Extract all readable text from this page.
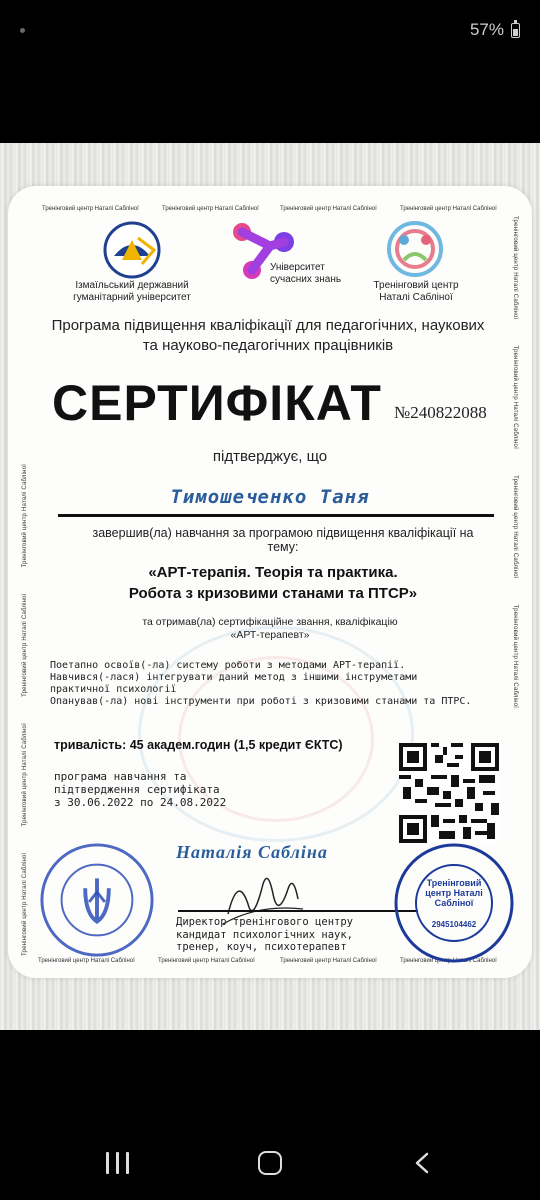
57%
Тренінговий центр Наталі Сабліної	Тренінговий центр Наталі Сабліної	Тренінговий центр Наталі Сабліної	Тренінговий центр Наталі Сабліної
Тренінговий центр Наталі Сабліної	Тренінговий центр Наталі Сабліної	Тренінговий центр Наталі Сабліної	Тренінговий центр Наталі Сабліної
Тренінговий центр Наталі Сабліної              Тренінговий центр Наталі Сабліної              Тренінговий центр Наталі Сабліної              Тренінговий центр Наталі Сабліної
Тренінговий центр Наталі Сабліної              Тренінговий центр Наталі Сабліної              Тренінговий центр Наталі Сабліної              Тренінговий центр Наталі Сабліної
Ізмаїльський державний гуманітарний університет
Університет сучасних знань
Тренінговий центр Наталі Сабліної
Програма підвищення кваліфікації для педагогічних, наукових та науково-педагогічних працівників
СЕРТИФІКАТ №240822088
підтверджує, що
Тимошеченко Таня
завершив(ла) навчання за програмою підвищення кваліфікації на тему:
«АРТ-терапія. Теорія та практика.
Робота з кризовими станами та ПТСР»
та отримав(ла) сертифікаційне звання, кваліфікацію
«АРТ-терапевт»
Поетапно освоїв(-ла) систему роботи з методами АРТ-терапії.
Навчився(-лася) інтегрувати даний метод з іншими інструметами
практичної психології
Опанував(-ла) нові інструменти при роботі з кризовими станами та ПТРС.
тривалість: 45 академ.годин (1,5 кредит ЄКТС)
програма навчання та
підтвердження сертифіката
з 30.06.2022 по 24.08.2022
Наталія Сабліна
Директор тренінгового центру
кандидат психологічних наук,
тренер, коуч, психотерапевт
Тренінговий центр Наталі Сабліної
2945104462
